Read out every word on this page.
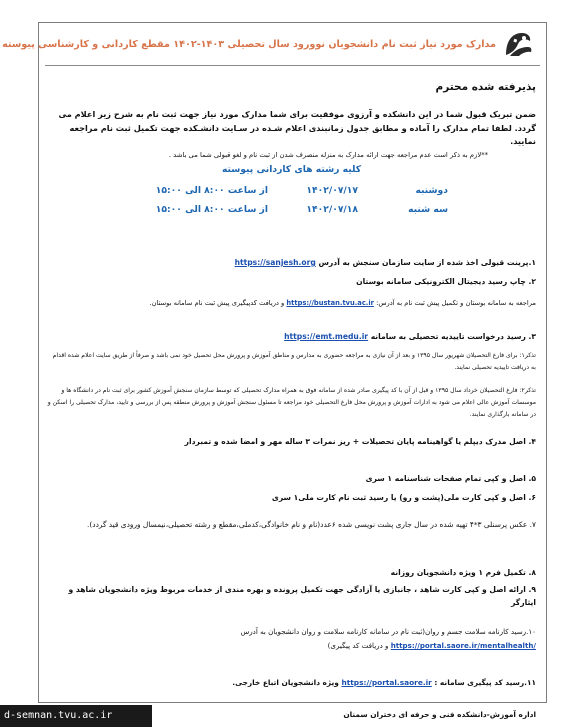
مدارک مورد نیاز ثبت نام دانشجویان نوورود سال تحصیلی ۱۴۰۳-۱۴۰۲ مقطع کاردانی و کارشناسی پیوسته
پذیرفته شده محترم
ضمن تبریک قبول شما در این دانشکده و آرزوی موفقیت برای شما مدارک مورد نیاز جهت ثبت نام به شرح زیر اعلام می گردد. لطفا تمام مدارک را آماده و مطابق جدول زمانبندی اعلام شـده در سـایت دانشـکده جهت تکمیل ثبت نام مراجعه نمایید.
**لازم به ذکر است عدم مراجعه جهت ارائه مدارک به منزله منصرف شدن از ثبت نام و لغو قبولی شما می باشد .
کلیه رشته های کاردانی پیوسته
دوشنبه
۱۴۰۲/۰۷/۱۷
از ساعت ۸:۰۰ الی ۱۵:۰۰
سه شنبه
۱۴۰۲/۰۷/۱۸
از ساعت ۸:۰۰ الی ۱۵:۰۰
۱.پرینت قبولی اخذ شده از سایت سازمان سنجش به آدرس https://sanjesh.org
۲. چاپ رسید دیجیتال الکترونیکی سامانه بوستان
مراجعه به سامانه بوستان و تکمیل پیش ثبت نام به آدرس: https://bustan.tvu.ac.ir و دریافت کدپیگیری پیش ثبت نام سامانه بوستان.
۳. رسید درخواست تاییدیه تحصیلی به سامانه https://emt.medu.ir
تذکر۱: برای فارغ التحصیلان شهریور سال ۱۳۹۵ و بعد از آن نیازی به مراجعه حضوری به مدارس و مناطق آموزش و پرورش محل تحصیل خود نمی باشد و صرفاً از طریق سایت اعلام شده اقدام به دریافت تاییدیه تحصیلی نمایند.
تذکر۲: فارغ التحصیلان خرداد سال ۱۳۹۵ و قبل از آن با کد پیگیری صادر شده از سامانه فوق به همراه مدارک تحصیلی که توسط سازمان سنجش آموزش کشور برای ثبت نام در دانشگاه ها و موسسات آموزش عالی اعلام می شود به ادارات آموزش و پرورش محل فارغ التحصیلی خود مراجعه تا مسئول سنجش آموزش و پرورش منطقه پس از بررسی و تایید، مدارک تحصیلی را اسکن و در سامانه بارگذاری نمایند.
۴. اصل مدرک دیپلم یا گواهینامه پایان تحصیلات + ریز نمرات ۳ ساله مهر و امضا شده و تمبردار
۵. اصل و کپی تمام صفحات شناسنامه ۱ سری
۶. اصل و کپی کارت ملی(پشت و رو) یا رسید ثبت نام کارت ملی۱ سری
۷. عکس پرسنلی ۳*۴ تهیه شده در سال جاری پشت نویسی شده ۶عدد(نام و نام خانوادگی،کدملی،مقطع و رشته تحصیلی،نیمسال ورودی قید گردد).
۸. تکمیل فرم ۱ ویژه دانشجویان روزانه
۹. ارائه اصل و کپی کارت شاهد ، جانبازی یا آزادگی جهت تکمیل پرونده و بهره مندی از خدمات مربوط ویژه دانشجویان شاهد و ایثارگر
۱۰.رسید کارنامه سلامت جسم و روان(ثبت نام در سامانه کارنامه سلامت و روان دانشجویان به آدرس
https://portal.saore.ir/mentalhealth/ و دریافت کد پیگیری)
۱۱.رسید کد پیگیری سامانه : https://portal.saore.ir ویژه دانشجویان اتباع خارجی.
اداره آموزش-دانشکده فنی و حرفه ای دختران سمنان
d-semnan.tvu.ac.ir
